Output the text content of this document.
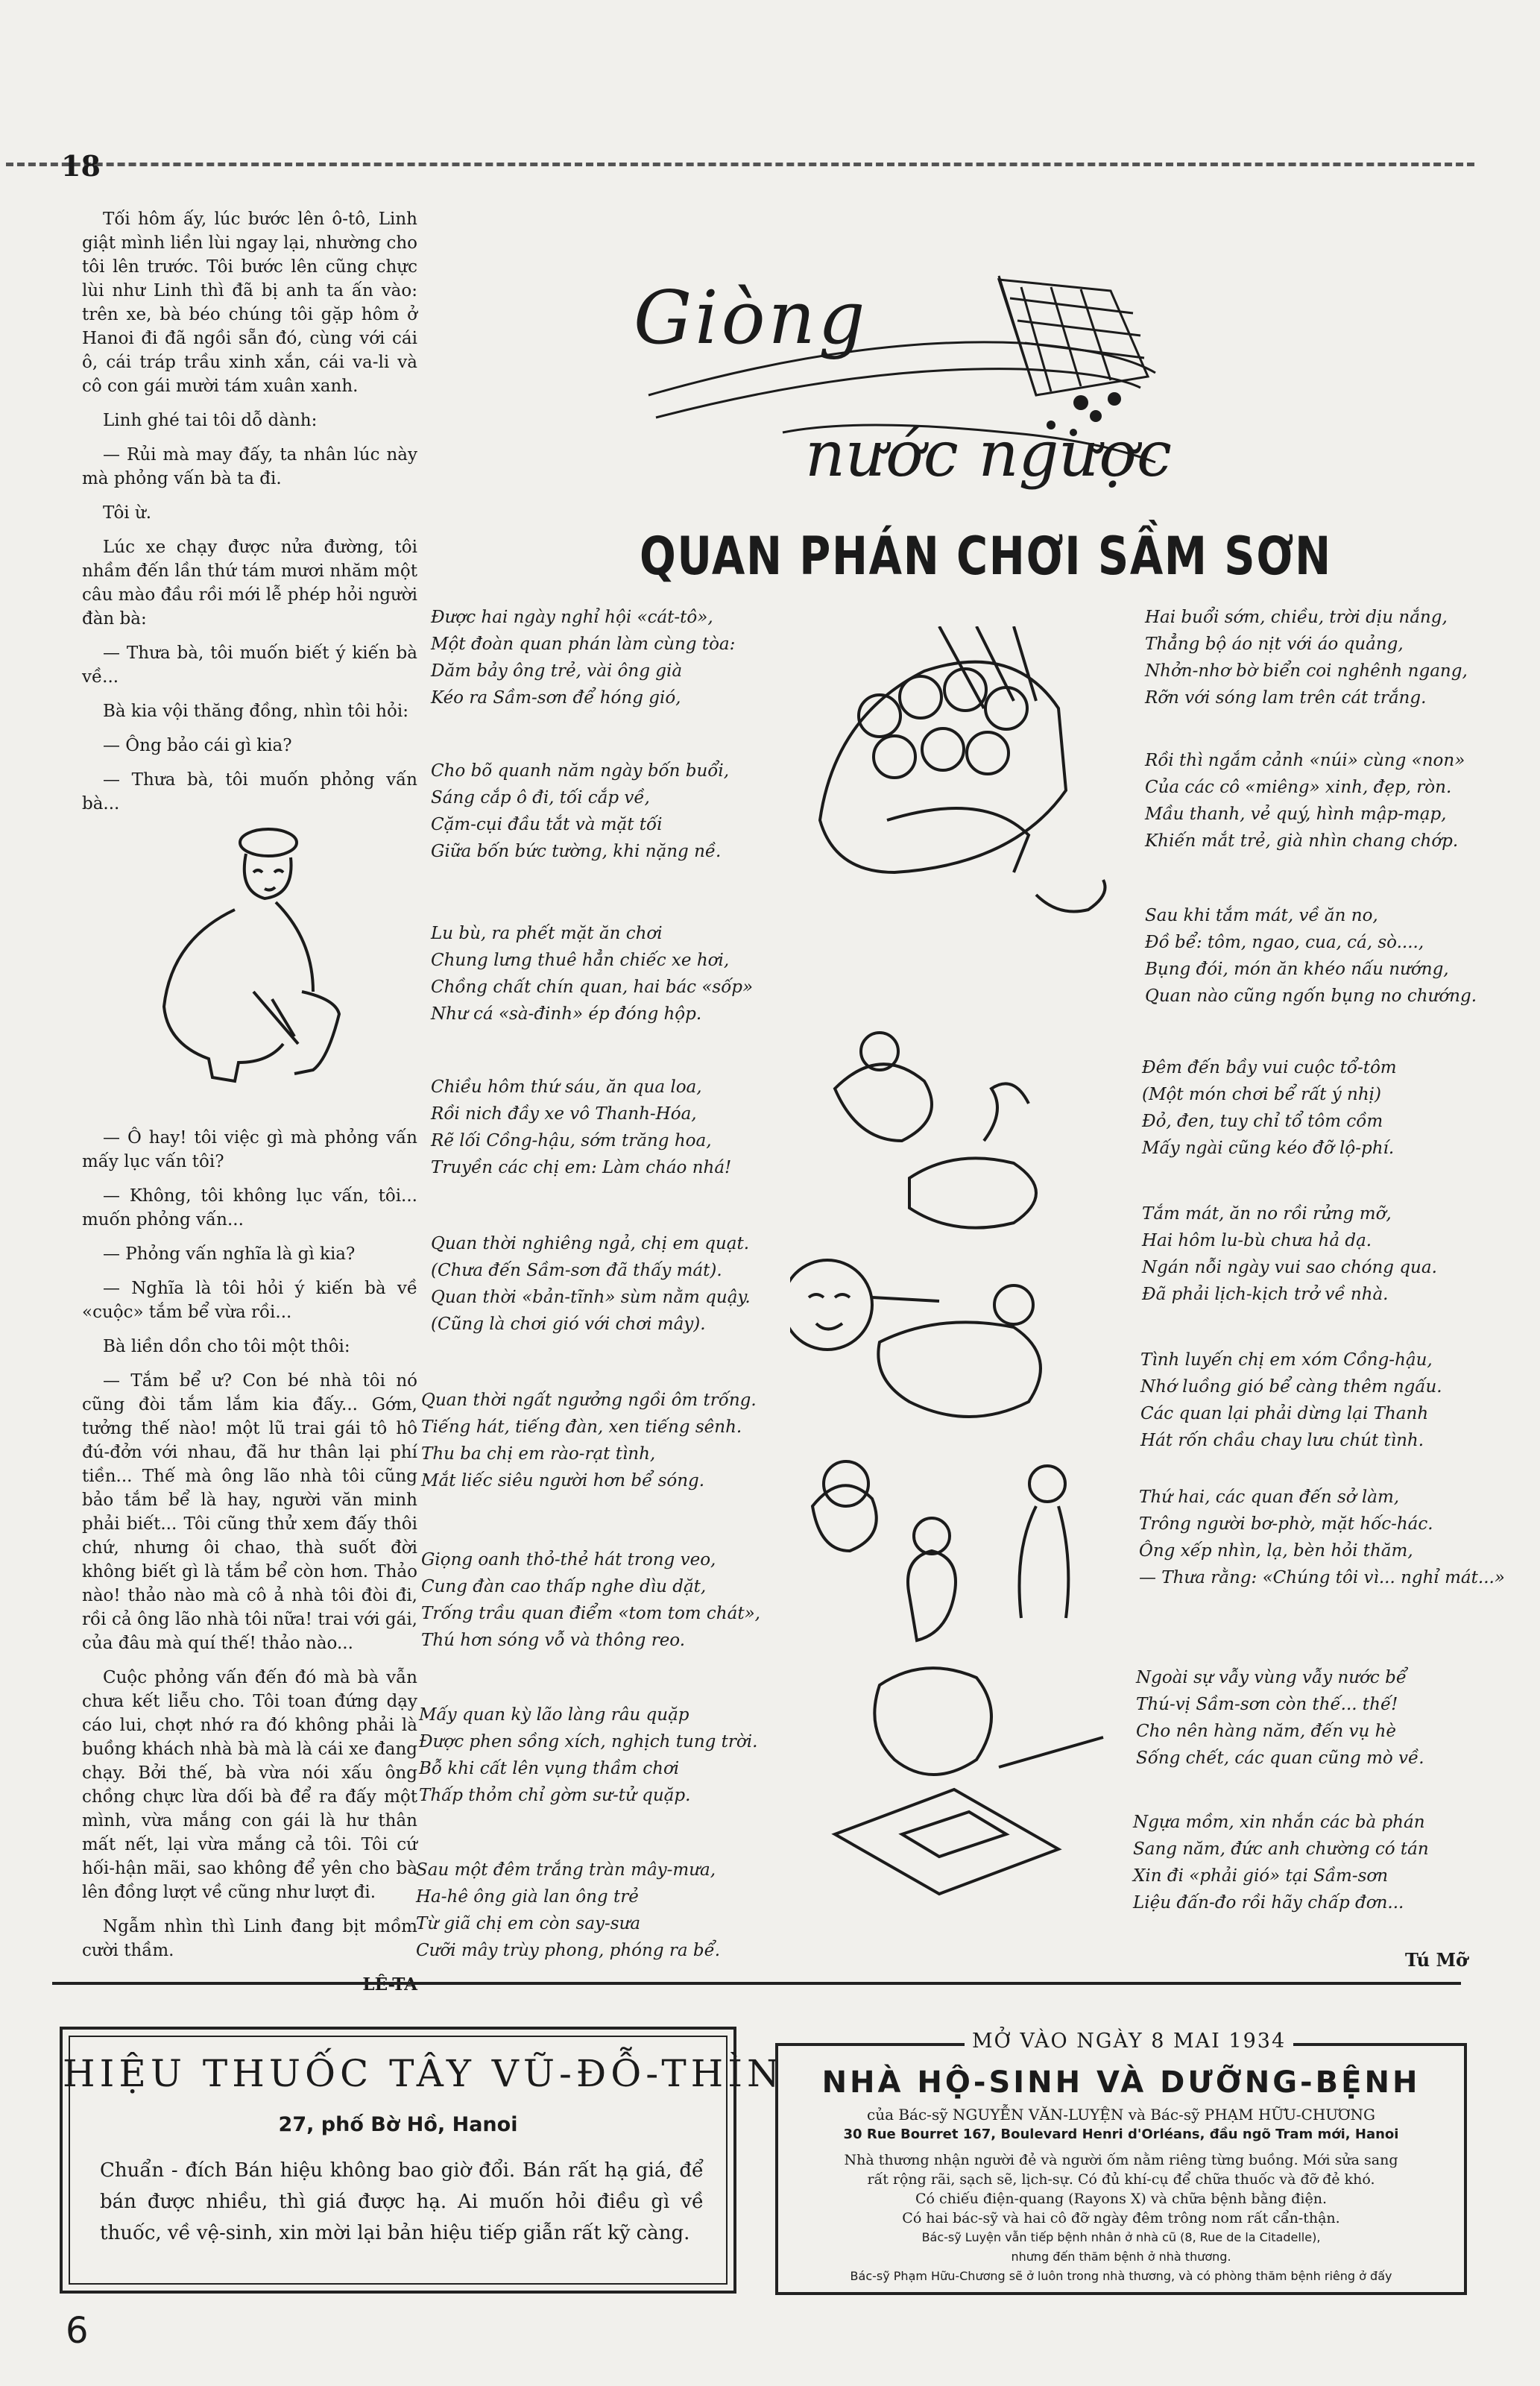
18

Tối hôm ấy, lúc bước lên ô-tô, Linh giật mình liền lùi ngay lại, nhường cho tôi lên trước. Tôi bước lên cũng chực lùi như Linh thì đã bị anh ta ấn vào: trên xe, bà béo chúng tôi gặp hôm ở Hanoi đi đã ngồi sẵn đó, cùng với cái ô, cái tráp trầu xinh xắn, cái va-li và cô con gái mười tám xuân xanh.

Linh ghé tai tôi dỗ dành:

— Rủi mà may đấy, ta nhân lúc này mà phỏng vấn bà ta đi.

Tôi ừ.

Lúc xe chạy được nửa đường, tôi nhầm đến lần thứ tám mươi nhăm một câu mào đầu rồi mới lễ phép hỏi người đàn bà:

— Thưa bà, tôi muốn biết ý kiến bà về...

Bà kia vội thăng đồng, nhìn tôi hỏi:

— Ông bảo cái gì kia?

— Thưa bà, tôi muốn phỏng vấn bà...

— Ô hay! tôi việc gì mà phỏng vấn mấy lục vấn tôi?

— Không, tôi không lục vấn, tôi... muốn phỏng vấn...

— Phỏng vấn nghĩa là gì kia?

— Nghĩa là tôi hỏi ý kiến bà về «cuộc» tắm bể vừa rồi...

Bà liền dồn cho tôi một thôi:

— Tắm bể ư? Con bé nhà tôi nó cũng đòi tắm lắm kia đấy... Gớm, tưởng thế nào! một lũ trai gái tô hô đú-đởn với nhau, đã hư thân lại phí tiền... Thế mà ông lão nhà tôi cũng bảo tắm bể là hay, người văn minh phải biết... Tôi cũng thử xem đấy thôi chứ, nhưng ôi chao, thà suốt đời không biết gì là tắm bể còn hơn. Thảo nào! thảo nào mà cô ả nhà tôi đòi đi, rồi cả ông lão nhà tôi nữa! trai với gái, của đâu mà quí thế! thảo nào...

Cuộc phỏng vấn đến đó mà bà vẫn chưa kết liễu cho. Tôi toan đứng dạy cáo lui, chợt nhớ ra đó không phải là buồng khách nhà bà mà là cái xe đang chạy. Bởi thế, bà vừa nói xấu ông chồng chực lừa dối bà để ra đấy một mình, vừa mắng con gái là hư thân mất nết, lại vừa mắng cả tôi. Tôi cứ hối-hận mãi, sao không để yên cho bà lên đồng lượt về cũng như lượt đi.

Ngẫm nhìn thì Linh đang bịt mồm cười thầm.

LÊ-TA

Giòng
nước ngược
QUAN PHÁN CHƠI SẦM SƠN
Được hai ngày nghỉ hội «cát-tô»,
Một đoàn quan phán làm cùng tòa:
Dăm bảy ông trẻ, vài ông già
Kéo ra Sầm-sơn để hóng gió,
Cho bõ quanh năm ngày bốn buổi,
Sáng cắp ô đi, tối cắp về,
Cặm-cụi đầu tắt và mặt tối
Giữa bốn bức tường, khi nặng nề.
Lu bù, ra phết mặt ăn chơi
Chung lưng thuê hẳn chiếc xe hơi,
Chồng chất chín quan, hai bác «sốp»
Như cá «sà-đinh» ép đóng hộp.
Chiều hôm thứ sáu, ăn qua loa,
Rồi nich đầy xe vô Thanh-Hóa,
Rẽ lối Cồng-hậu, sớm trăng hoa,
Truyền các chị em: Làm cháo nhá!
Quan thời nghiêng ngả, chị em quạt.
(Chưa đến Sầm-sơn đã thấy mát).
Quan thời «bản-tĩnh» sùm nằm quậy.
(Cũng là chơi gió với chơi mây).
Quan thời ngất ngưởng ngồi ôm trống.
Tiếng hát, tiếng đàn, xen tiếng sênh.
Thu ba chị em rào-rạt tình,
Mắt liếc siêu người hơn bể sóng.
Giọng oanh thỏ-thẻ hát trong veo,
Cung đàn cao thấp nghe dìu dặt,
Trống trầu quan điểm «tom tom chát»,
Thú hơn sóng vỗ và thông reo.
Mấy quan kỳ lão làng râu quặp
Được phen sồng xích, nghịch tung trời.
Bỗ khi cất lên vụng thầm chơi
Thấp thỏm chỉ gờm sư-tử quặp.
Sau một đêm trắng tràn mây-mưa,
Ha-hê ông già lan ông trẻ
Từ giã chị em còn say-sưa
Cưỡi mây trùy phong, phóng ra bể.
Hai buổi sớm, chiều, trời dịu nắng,
Thẳng bộ áo nịt với áo quảng,
Nhởn-nhơ bờ biển coi nghênh ngang,
Rỡn với sóng lam trên cát trắng.
Rồi thì ngắm cảnh «núi» cùng «non»
Của các cô «miêng» xinh, đẹp, ròn.
Mầu thanh, vẻ quý, hình mập-mạp,
Khiến mắt trẻ, già nhìn chang chớp.
Sau khi tắm mát, về ăn no,
Đồ bể: tôm, ngao, cua, cá, sò....,
Bụng đói, món ăn khéo nấu nướng,
Quan nào cũng ngốn bụng no chướng.
Đêm đến bầy vui cuộc tổ-tôm
(Một món chơi bể rất ý nhị)
Đỏ, đen, tuy chỉ tổ tôm cồm
Mấy ngài cũng kéo đỡ lộ-phí.
Tắm mát, ăn no rồi rửng mỡ,
Hai hôm lu-bù chưa hả dạ.
Ngán nỗi ngày vui sao chóng qua.
Đã phải lịch-kịch trở về nhà.
Tình luyến chị em xóm Cồng-hậu,
Nhớ luồng gió bể càng thêm ngấu.
Các quan lại phải dừng lại Thanh
Hát rốn chầu chay lưu chút tình.
Thứ hai, các quan đến sở làm,
Trông người bơ-phờ, mặt hốc-hác.
Ông xếp nhìn, lạ, bèn hỏi thăm,
— Thưa rằng: «Chúng tôi vì... nghỉ mát...»
Ngoài sự vẫy vùng vẫy nước bể
Thú-vị Sầm-sơn còn thế... thế!
Cho nên hàng năm, đến vụ hè
Sống chết, các quan cũng mò về.
Ngựa mồm, xin nhắn các bà phán
Sang năm, đức anh chường có tán
Xin đi «phải gió» tại Sầm-sơn
Liệu đấn-đo rồi hãy chấp đơn...
Tú Mỡ
HIỆU THUỐC TÂY VŨ-ĐỖ-THÌN
27, phố Bờ Hồ, Hanoi
Chuẩn - đích Bán hiệu không bao giờ đổi. Bán rất hạ giá, để bán được nhiều, thì giá được hạ. Ai muốn hỏi điều gì về thuốc, về vệ-sinh, xin mời lại bản hiệu tiếp giẫn rất kỹ càng.
MỞ VÀO NGÀY 8 MAI 1934
NHÀ HỘ-SINH VÀ DƯỠNG-BỆNH
của Bác-sỹ NGUYỄN VĂN-LUYỆN và Bác-sỹ PHẠM HỮU-CHƯƠNG
30 Rue Bourret 167, Boulevard Henri d'Orléans, đầu ngõ Tram mới, Hanoi
Nhà thương nhận người đẻ và người ốm nằm riêng từng buồng. Mới sửa sang
rất rộng rãi, sạch sẽ, lịch-sự. Có đủ khí-cụ để chữa thuốc và đỡ đẻ khó.
Có chiếu điện-quang (Rayons X) và chữa bệnh bằng điện.
Có hai bác-sỹ và hai cô đỡ ngày đêm trông nom rất cẩn-thận.
Bác-sỹ Luyện vẫn tiếp bệnh nhân ở nhà cũ (8, Rue de la Citadelle),
nhưng đến thăm bệnh ở nhà thương.
Bác-sỹ Phạm Hữu-Chương sẽ ở luôn trong nhà thương, và có phòng thăm bệnh riêng ở đấy
6
